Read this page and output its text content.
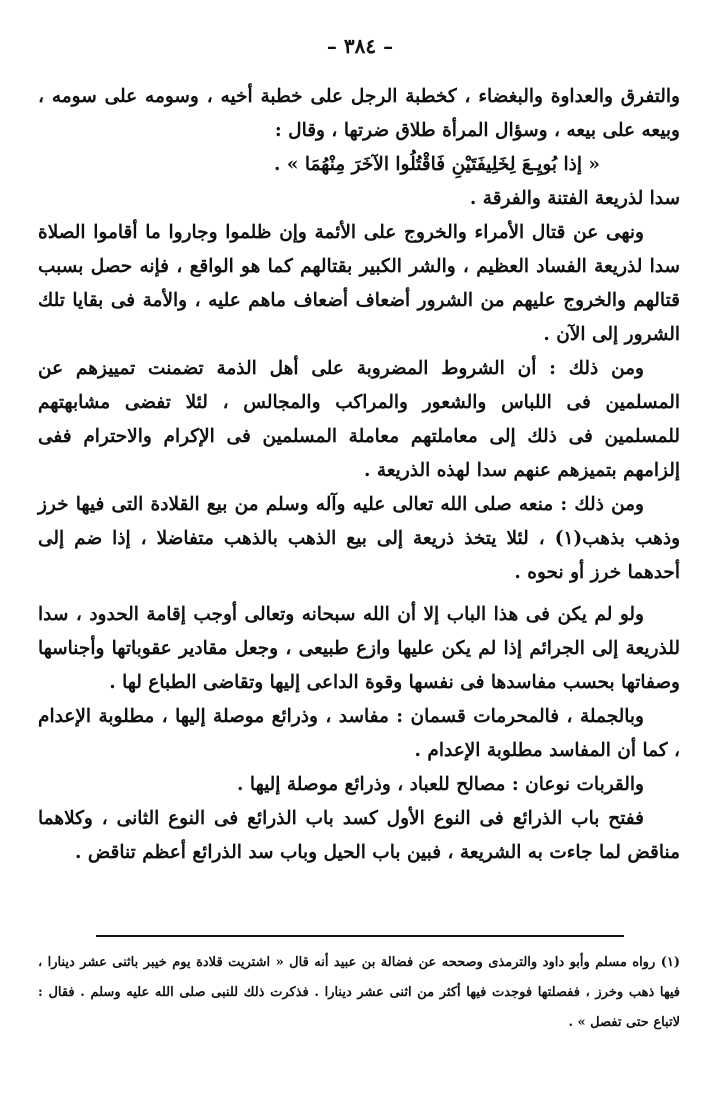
– ٣٨٤ –

والتفرق والعداوة والبغضاء ، كخطبة الرجل على خطبة أخيه ، وسومه على سومه ، وبيعه على بيعه ، وسؤال المرأة طلاق ضرتها ، وقال :

« إذا بُويِـعَ لِخَلِيفَتَيْنِ فَاقْتُلُوا الآخَرَ مِنْهُمَا » .

سدا لذريعة الفتنة والفرقة .

ونهى عن قتال الأمراء والخروج على الأئمة وإن ظلموا وجاروا ما أقاموا الصلاة سدا لذريعة الفساد العظيم ، والشر الكبير بقتالهم كما هو الواقع ، فإنه حصل بسبب قتالهم والخروج عليهم من الشرور أضعاف أضعاف ماهم عليه ، والأمة فى بقايا تلك الشرور إلى الآن .

ومن ذلك : أن الشروط المضروبة على أهل الذمة تضمنت تمييزهم عن المسلمين فى اللباس والشعور والمراكب والمجالس ، لئلا تفضى مشابهتهم للمسلمين فى ذلك إلى معاملتهم معاملة المسلمين فى الإكرام والاحترام ففى إلزامهم بتميزهم عنهم سدا لهذه الذريعة .

ومن ذلك : منعه صلى الله تعالى عليه وآله وسلم من بيع القلادة التى فيها خرز وذهب بذهب(١) ، لئلا يتخذ ذريعة إلى بيع الذهب بالذهب متفاضلا ، إذا ضم إلى أحدهما خرز أو نحوه .

ولو لم يكن فى هذا الباب إلا أن الله سبحانه وتعالى أوجب إقامة الحدود ، سدا للذريعة إلى الجرائم إذا لم يكن عليها وازع طبيعى ، وجعل مقادير عقوباتها وأجناسها وصفاتها بحسب مفاسدها فى نفسها وقوة الداعى إليها وتقاضى الطباع لها .

وبالجملة ، فالمحرمات قسمان : مفاسد ، وذرائع موصلة إليها ، مطلوبة الإعدام ، كما أن المفاسد مطلوبة الإعدام .

والقربات نوعان : مصالح للعباد ، وذرائع موصلة إليها .

ففتح باب الذرائع فى النوع الأول كسد باب الذرائع فى النوع الثانى ، وكلاهما مناقض لما جاءت به الشريعة ، فبين باب الحيل وباب سد الذرائع أعظم تناقض .

(١) رواه مسلم وأبو داود والترمذى وصححه عن فضالة بن عبيد أنه قال « اشتريت قلادة يوم خيبر باثنى عشر دينارا ، فيها ذهب وخرز ، ففصلتها فوجدت فيها أكثر من اثنى عشر دينارا . فذكرت ذلك للنبى صلى الله عليه وسلم . فقال : لاتباع حتى تفصل » .
